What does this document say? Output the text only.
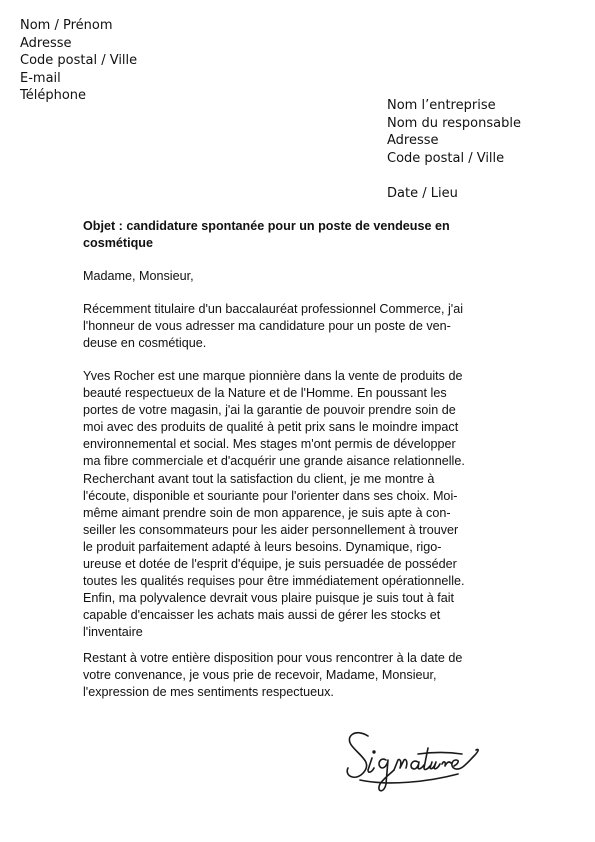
Nom / Prénom
Adresse
Code postal / Ville
E-mail
Téléphone
Nom l’entreprise
Nom du responsable
Adresse
Code postal / Ville
Date / Lieu
Objet : candidature spontanée pour un poste de vendeuse en
cosmétique
Madame, Monsieur,
Récemment titulaire d'un baccalauréat professionnel Commerce, j'ai
l'honneur de vous adresser ma candidature pour un poste de ven-
deuse en cosmétique.
Yves Rocher est une marque pionnière dans la vente de produits de
beauté respectueux de la Nature et de l'Homme. En poussant les
portes de votre magasin, j'ai la garantie de pouvoir prendre soin de
moi avec des produits de qualité à petit prix sans le moindre impact
environnemental et social. Mes stages m'ont permis de développer
ma fibre commerciale et d'acquérir une grande aisance relationnelle.
Recherchant avant tout la satisfaction du client, je me montre à
l'écoute, disponible et souriante pour l'orienter dans ses choix. Moi-
même aimant prendre soin de mon apparence, je suis apte à con-
seiller les consommateurs pour les aider personnellement à trouver
le produit parfaitement adapté à leurs besoins. Dynamique, rigo-
ureuse et dotée de l'esprit d'équipe, je suis persuadée de posséder
toutes les qualités requises pour être immédiatement opérationnelle.
Enfin, ma polyvalence devrait vous plaire puisque je suis tout à fait
capable d'encaisser les achats mais aussi de gérer les stocks et
l'inventaire
Restant à votre entière disposition pour vous rencontrer à la date de
votre convenance, je vous prie de recevoir, Madame, Monsieur,
l'expression de mes sentiments respectueux.
